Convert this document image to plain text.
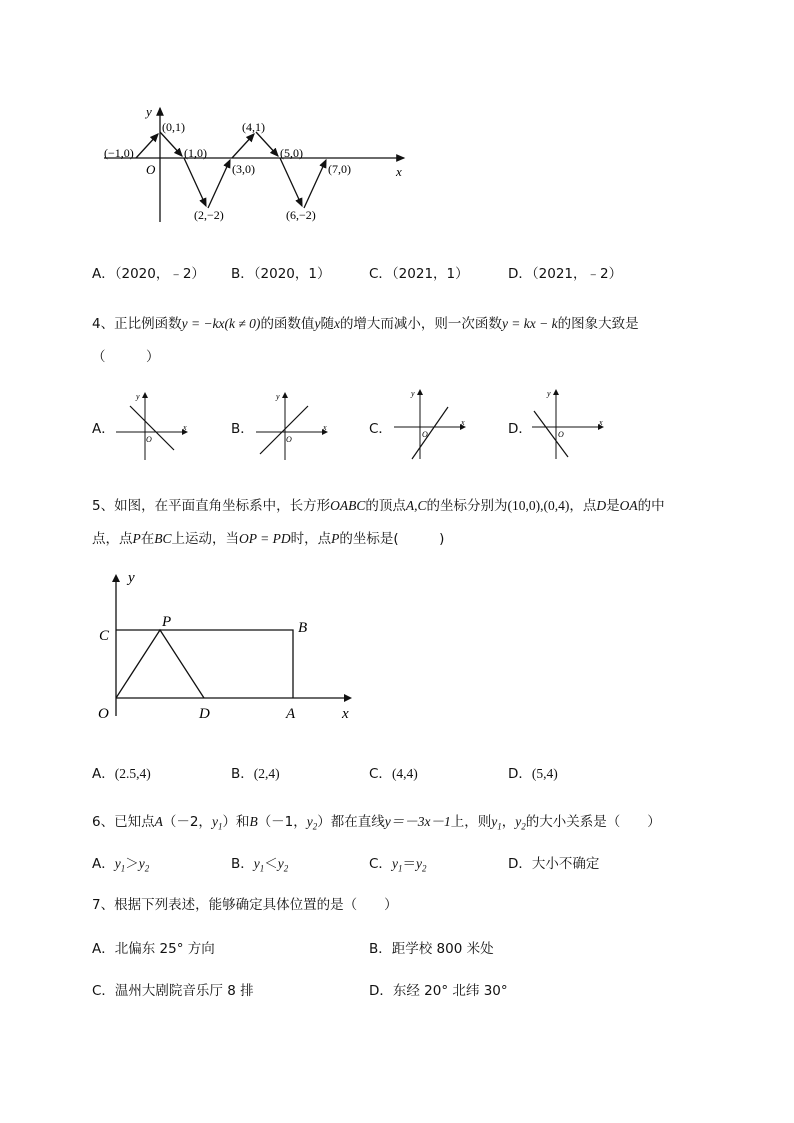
x
y
O
(−1,0)
(0,1)
(1,0)
(2,−2)
(3,0)
(4,1)
(5,0)
(6,−2)
(7,0)
A．（2020，﹣2） B．（2020，1）	C．（2021，1）	D．（2021，﹣2）
4、正比例函数y = −kx(k ≠ 0)的函数值y随x的增大而减小，则一次函数y = kx − k的图象大致是
（　　　）
A．	B．	C．	D．
x
y
O
x
y
O
x
y
O
x
y
O
5、如图，在平面直角坐标系中，长方形OABC的顶点A,C的坐标分别为(10,0),(0,4)，点D是OA的中
点，点P在BC上运动，当OP = PD时，点P的坐标是(　　　)
y
x
O
C
P	B
D	A
A．(2.5,4)	B．(2,4)	C．(4,4)	D．(5,4)
6、已知点A（－2，$y_1$）和B（－1，$y_2$）都在直线y＝－3x－1上，则$y_1$，$y_2$的大小关系是（　　）
A．$y_1>y_2$	B．$y_1<y_2$	C．$y_1=y_2$	D．大小不确定
7、根据下列表述，能够确定具体位置的是（　　）
A．北偏东 25° 方向	B．距学校 800 米处
C．温州大剧院音乐厅 8 排	D．东经 20° 北纬 30°
